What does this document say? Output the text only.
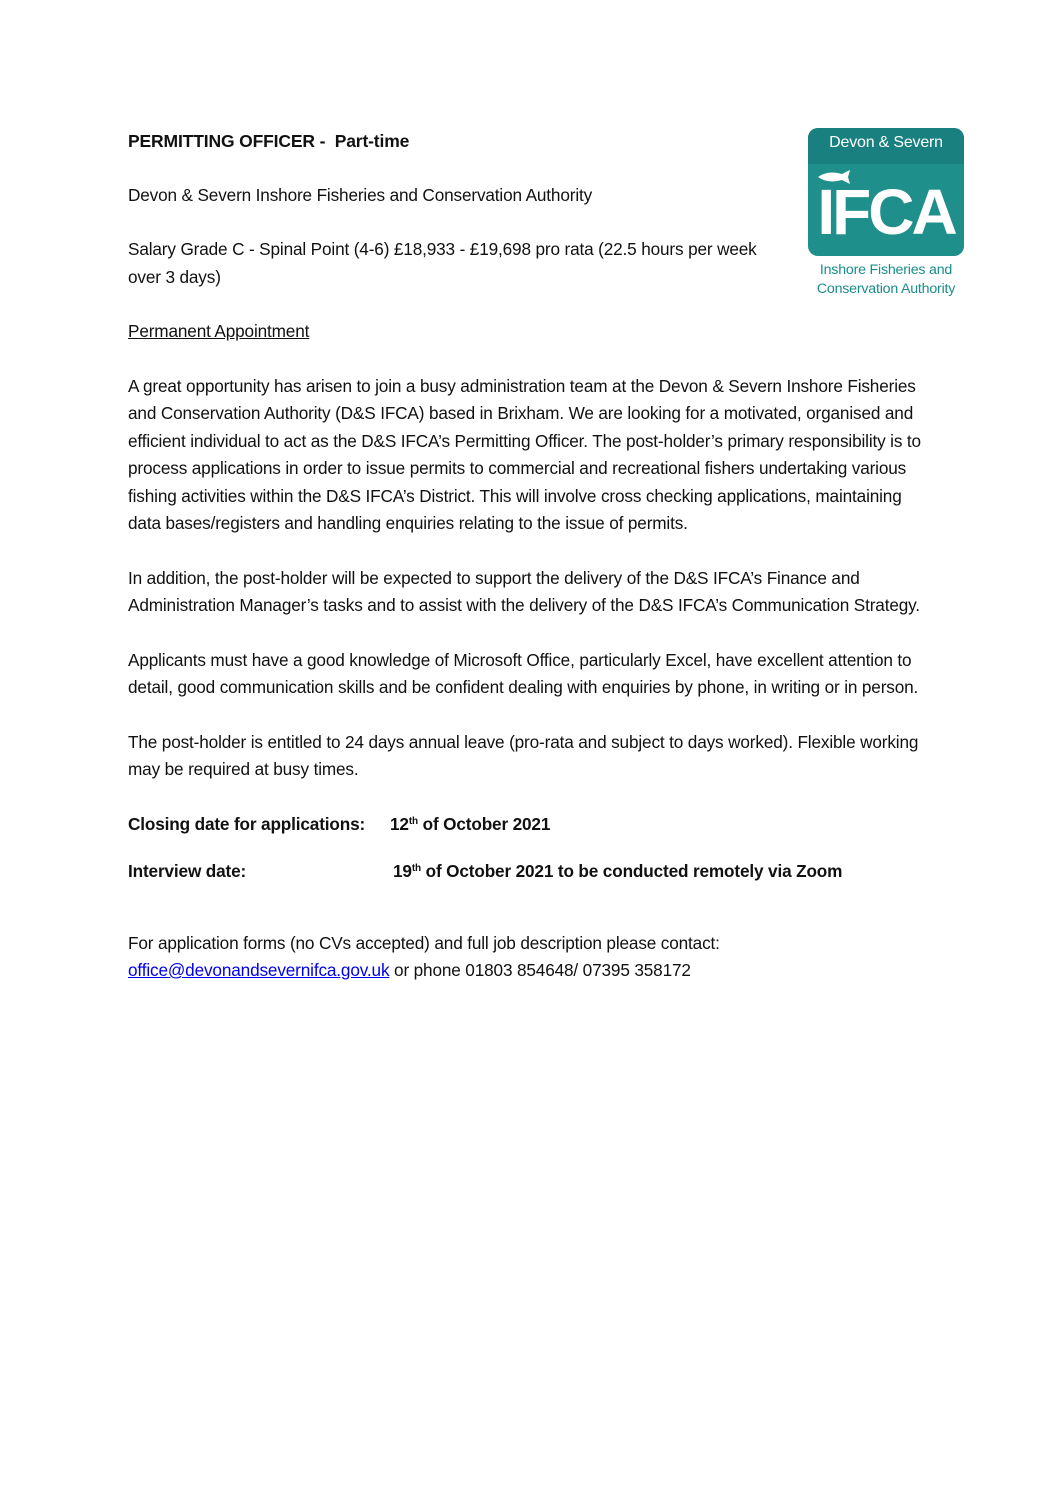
Devon & Severn
IFCA
Inshore Fisheries and
Conservation Authority
PERMITTING OFFICER -  Part-time
Devon & Severn Inshore Fisheries and Conservation Authority
Salary Grade C - Spinal Point (4-6) £18,933 - £19,698 pro rata (22.5 hours per week over 3 days)
Permanent Appointment
A great opportunity has arisen to join a busy administration team at the Devon & Severn Inshore Fisheries and Conservation Authority (D&S IFCA) based in Brixham. We are looking for a motivated, organised and efficient individual to act as the D&S IFCA’s Permitting Officer. The post-holder’s primary responsibility is to process applications in order to issue permits to commercial and recreational fishers undertaking various fishing activities within the D&S IFCA’s District. This will involve cross checking applications, maintaining data bases/registers and handling enquiries relating to the issue of permits.
In addition, the post-holder will be expected to support the delivery of the D&S IFCA’s Finance and Administration Manager’s tasks and to assist with the delivery of the D&S IFCA’s Communication Strategy.
Applicants must have a good knowledge of Microsoft Office, particularly Excel, have excellent attention to detail, good communication skills and be confident dealing with enquiries by phone, in writing or in person.
The post-holder is entitled to 24 days annual leave (pro-rata and subject to days worked). Flexible working may be required at busy times.
Closing date for applications:	12th of October 2021
Interview date:	19th of October 2021 to be conducted remotely via Zoom
For application forms (no CVs accepted) and full job description please contact:
office@devonandsevernifca.gov.uk or phone 01803 854648/ 07395 358172
